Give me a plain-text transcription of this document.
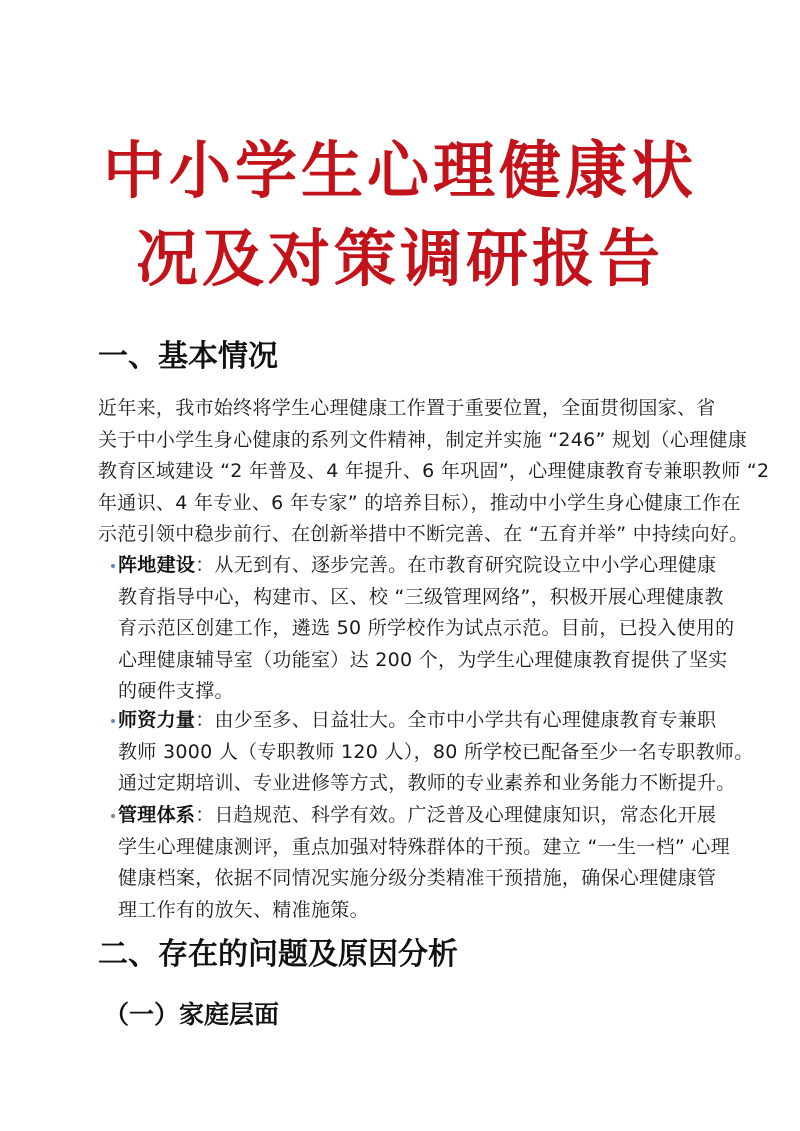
中小学生心理健康状
况及对策调研报告
一、基本情况
近年来，我市始终将学生心理健康工作置于重要位置，全面贯彻国家、省
关于中小学生身心健康的系列文件精神，制定并实施 “246” 规划（心理健康
教育区域建设 “2 年普及、4 年提升、6 年巩固”，心理健康教育专兼职教师 “2
年通识、4 年专业、6 年专家” 的培养目标），推动中小学生身心健康工作在
示范引领中稳步前行、在创新举措中不断完善、在 “五育并举” 中持续向好。
阵地建设：从无到有、逐步完善。在市教育研究院设立中小学心理健康
教育指导中心，构建市、区、校 “三级管理网络”，积极开展心理健康教
育示范区创建工作，遴选 50 所学校作为试点示范。目前，已投入使用的
心理健康辅导室（功能室）达 200 个，为学生心理健康教育提供了坚实
的硬件支撑。
师资力量：由少至多、日益壮大。全市中小学共有心理健康教育专兼职
教师 3000 人（专职教师 120 人），80 所学校已配备至少一名专职教师。
通过定期培训、专业进修等方式，教师的专业素养和业务能力不断提升。
管理体系：日趋规范、科学有效。广泛普及心理健康知识，常态化开展
学生心理健康测评，重点加强对特殊群体的干预。建立 “一生一档” 心理
健康档案，依据不同情况实施分级分类精准干预措施，确保心理健康管
理工作有的放矢、精准施策。
二、存在的问题及原因分析
（一）家庭层面
